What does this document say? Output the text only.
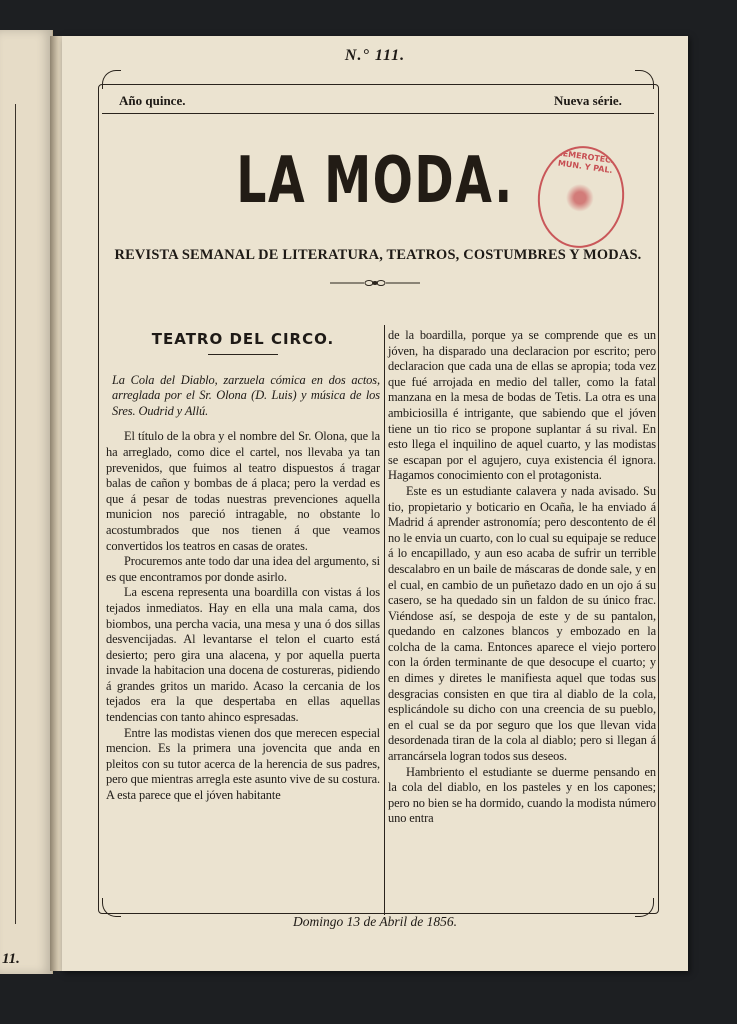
11.
N.° 111.
Año quince.	Nueva série.
LA MODA.	HEMEROTECA MUN. Y PAL.
REVISTA SEMANAL DE LITERATURA, TEATROS, COSTUMBRES Y MODAS.
TEATRO DEL CIRCO.

La Cola del Diablo, zarzuela cómica en dos actos, arreglada por el Sr. Olona (D. Luis) y música de los Sres. Oudrid y Allú.

El título de la obra y el nombre del Sr. Olona, que la ha arreglado, como dice el cartel, nos llevaba ya tan prevenidos, que fuimos al teatro dispuestos á tragar balas de cañon y bombas de á placa; pero la verdad es que á pesar de todas nuestras prevenciones aquella municion nos pareció intragable, no obstante lo acostumbrados que nos tienen á que veamos convertidos los teatros en casas de orates.

Procuremos ante todo dar una idea del argumento, si es que encontramos por donde asirlo.

La escena representa una boardilla con vistas á los tejados inmediatos. Hay en ella una mala cama, dos biombos, una percha vacia, una mesa y una ó dos sillas desvencijadas. Al levantarse el telon el cuarto está desierto; pero gira una alacena, y por aquella puerta invade la habitacion una docena de costureras, pidiendo á grandes gritos un marido. Acaso la cercania de los tejados era la que despertaba en ellas aquellas tendencias con tanto ahinco espresadas.

Entre las modistas vienen dos que merecen especial mencion. Es la primera una jovencita que anda en pleitos con su tutor acerca de la herencia de sus padres, pero que mientras arregla este asunto vive de su costura. A esta parece que el jóven habitante

de la boardilla, porque ya se comprende que es un jóven, ha disparado una declaracion por escrito; pero declaracion que cada una de ellas se apropia; toda vez que fué arrojada en medio del taller, como la fatal manzana en la mesa de bodas de Tetis. La otra es una ambiciosilla é intrigante, que sabiendo que el jóven tiene un tio rico se propone suplantar á su rival. En esto llega el inquilino de aquel cuarto, y las modistas se escapan por el agujero, cuya existencia él ignora. Hagamos conocimiento con el protagonista.

Este es un estudiante calavera y nada avisado. Su tio, propietario y boticario en Ocaña, le ha enviado á Madrid á aprender astronomía; pero descontento de él no le envia un cuarto, con lo cual su equipaje se reduce á lo encapillado, y aun eso acaba de sufrir un terrible descalabro en un baile de máscaras de donde sale, y en el cual, en cambio de un puñetazo dado en un ojo á su casero, se ha quedado sin un faldon de su único frac. Viéndose así, se despoja de este y de su pantalon, quedando en calzones blancos y embozado en la colcha de la cama. Entonces aparece el viejo portero con la órden terminante de que desocupe el cuarto; y en dimes y diretes le manifiesta aquel que todas sus desgracias consisten en que tira al diablo de la cola, esplicándole su dicho con una creencia de su pueblo, en el cual se da por seguro que los que llevan vida desordenada tiran de la cola al diablo; pero si llegan á arrancársela logran todos sus deseos.

Hambriento el estudiante se duerme pensando en la cola del diablo, en los pasteles y en los capones; pero no bien se ha dormido, cuando la modista número uno entra

Domingo 13 de Abril de 1856.
